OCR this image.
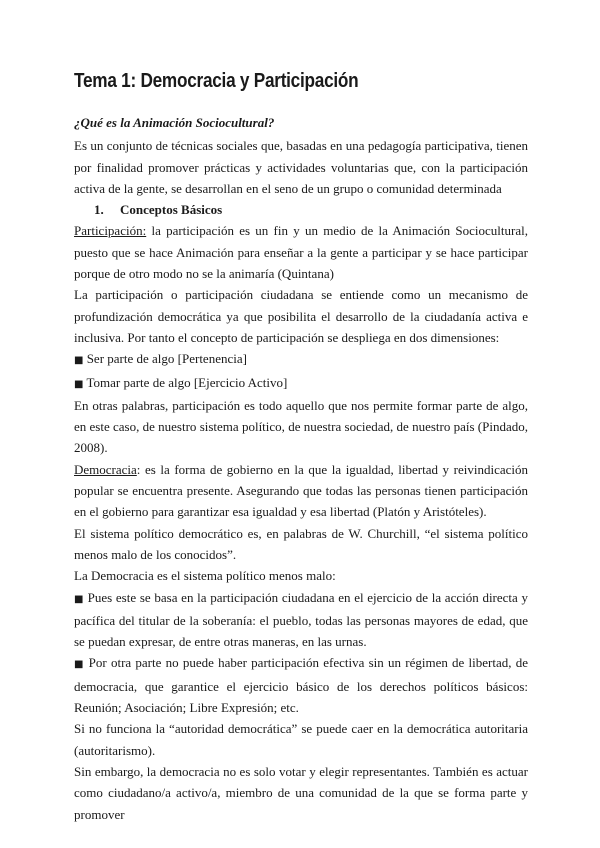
Tema 1: Democracia y Participación

¿Qué es la Animación Sociocultural?

Es un conjunto de técnicas sociales que, basadas en una pedagogía participativa, tienen por finalidad promover prácticas y actividades voluntarias que, con la participación activa de la gente, se desarrollan en el seno de un grupo o comunidad determinada

1. Conceptos Básicos

Participación: la participación es un fin y un medio de la Animación Sociocultural, puesto que se hace Animación para enseñar a la gente a participar y se hace participar porque de otro modo no se la animaría (Quintana)

La participación o participación ciudadana se entiende como un mecanismo de profundización democrática ya que posibilita el desarrollo de la ciudadanía activa e inclusiva. Por tanto el concepto de participación se despliega en dos dimensiones:

■ Ser parte de algo [Pertenencia]

■ Tomar parte de algo [Ejercicio Activo]

En otras palabras, participación es todo aquello que nos permite formar parte de algo, en este caso, de nuestro sistema político, de nuestra sociedad, de nuestro país (Pindado, 2008).

Democracia: es la forma de gobierno en la que la igualdad, libertad y reivindicación popular se encuentra presente. Asegurando que todas las personas tienen participación en el gobierno para garantizar esa igualdad y esa libertad (Platón y Aristóteles).

El sistema político democrático es, en palabras de W. Churchill, “el sistema político menos malo de los conocidos”.

La Democracia es el sistema político menos malo:

■ Pues este se basa en la participación ciudadana en el ejercicio de la acción directa y pacífica del titular de la soberanía: el pueblo, todas las personas mayores de edad, que se puedan expresar, de entre otras maneras, en las urnas.

■ Por otra parte no puede haber participación efectiva sin un régimen de libertad, de democracia, que garantice el ejercicio básico de los derechos políticos básicos: Reunión; Asociación; Libre Expresión; etc.

Si no funciona la “autoridad democrática” se puede caer en la democrática autoritaria (autoritarismo).

Sin embargo, la democracia no es solo votar y elegir representantes. También es actuar como ciudadano/a activo/a, miembro de una comunidad de la que se forma parte y promover
